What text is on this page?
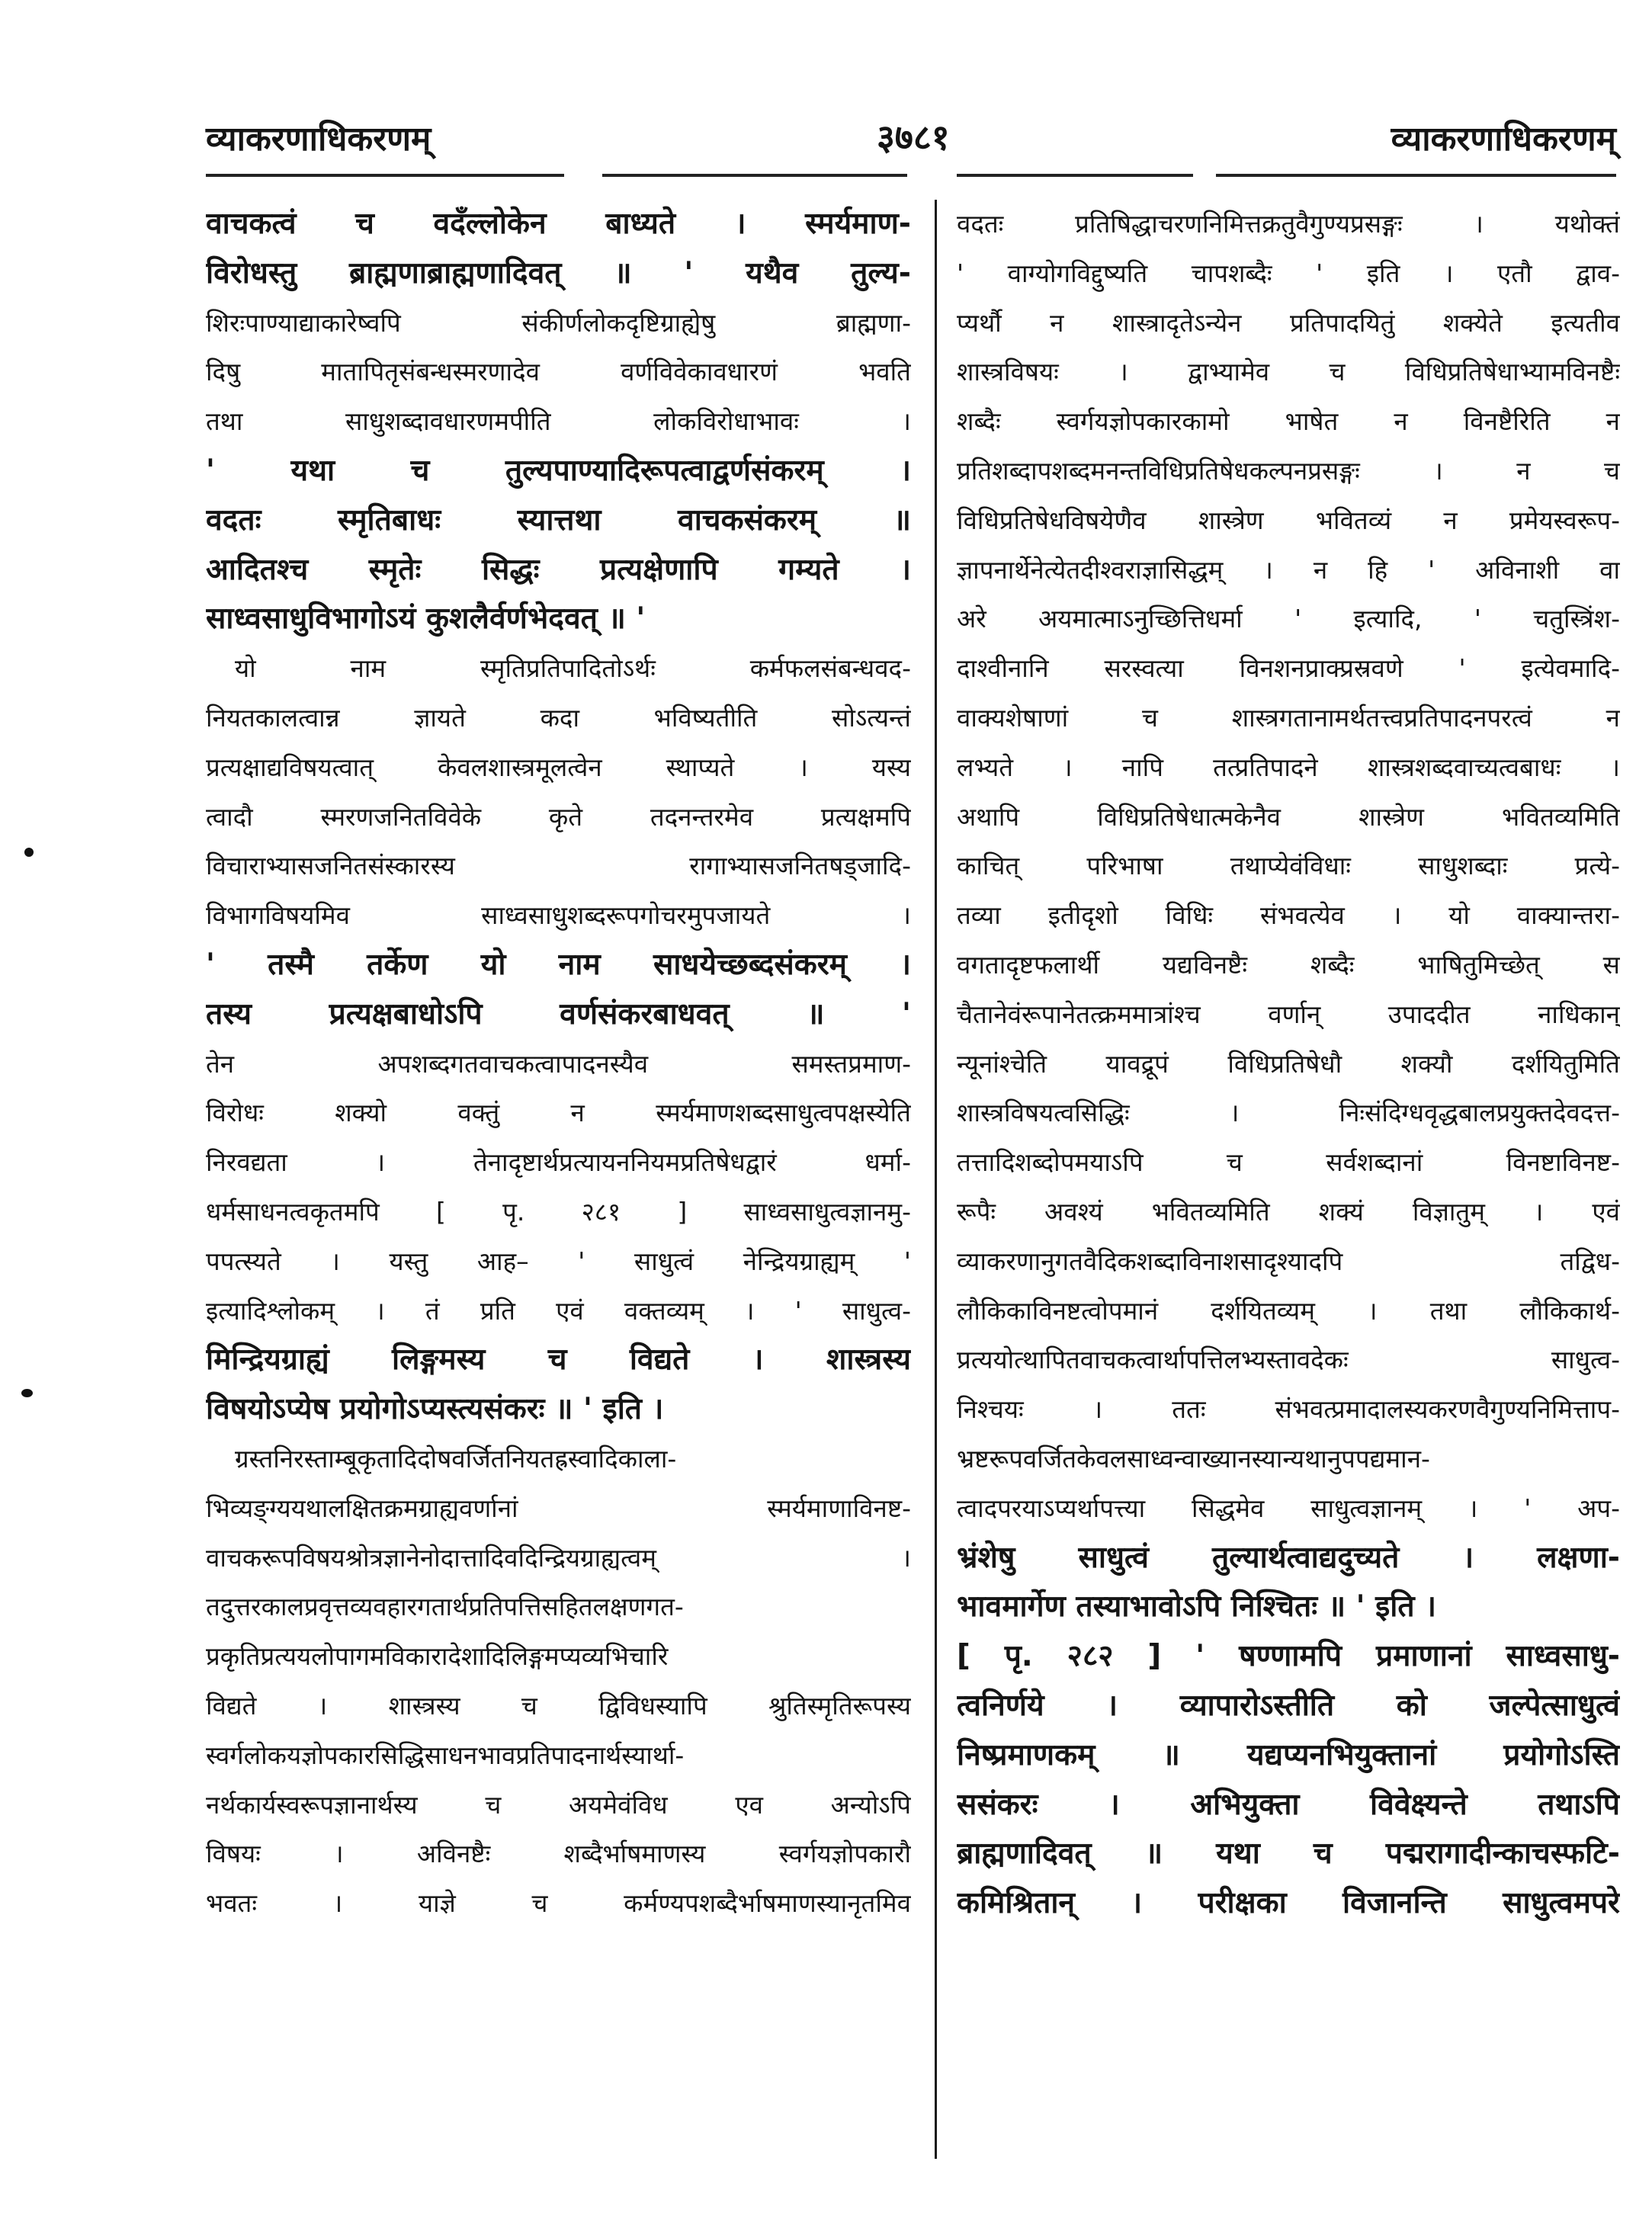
व्याकरणाधिकरणम्	३७८१	व्याकरणाधिकरणम्
वाचकत्वं च वदँल्लोकेन बाध्यते । स्मर्यमाण-
विरोधस्तु ब्राह्मणाब्राह्मणादिवत् ॥ ' यथैव तुल्य-
शिरःपाण्याद्याकारेष्वपि संकीर्णलोकदृष्टिग्राह्येषु ब्राह्मणा-
दिषु मातापितृसंबन्धस्मरणादेव वर्णविवेकावधारणं भवति
तथा साधुशब्दावधारणमपीति लोकविरोधाभावः ।
' यथा च तुल्यपाण्यादिरूपत्वाद्वर्णसंकरम् ।
वदतः स्मृतिबाधः स्यात्तथा वाचकसंकरम् ॥
आदितश्च स्मृतेः सिद्धः प्रत्यक्षेणापि गम्यते ।
साध्वसाधुविभागोऽयं कुशलैर्वर्णभेदवत् ॥ '
यो नाम स्मृतिप्रतिपादितोऽर्थः कर्मफलसंबन्धवद-
नियतकालत्वान्न ज्ञायते कदा भविष्यतीति सोऽत्यन्तं
प्रत्यक्षाद्यविषयत्वात् केवलशास्त्रमूलत्वेन स्थाप्यते । यस्य
त्वादौ स्मरणजनितविवेके कृते तदनन्तरमेव प्रत्यक्षमपि
विचाराभ्यासजनितसंस्कारस्य रागाभ्यासजनितषड्जादि-
विभागविषयमिव साध्वसाधुशब्दरूपगोचरमुपजायते ।
' तस्मै तर्केण यो नाम साधयेच्छब्दसंकरम् ।
तस्य प्रत्यक्षबाधोऽपि वर्णसंकरबाधवत् ॥ '
तेन अपशब्दगतवाचकत्वापादनस्यैव समस्तप्रमाण-
विरोधः शक्यो वक्तुं न स्मर्यमाणशब्दसाधुत्वपक्षस्येति
निरवद्यता । तेनादृष्टार्थप्रत्यायननियमप्रतिषेधद्वारं धर्मा-
धर्मसाधनत्वकृतमपि [ पृ. २८१ ] साध्वसाधुत्वज्ञानमु-
पपत्स्यते । यस्तु आह– ' साधुत्वं नेन्द्रियग्राह्यम् '
इत्यादिश्लोकम् । तं प्रति एवं वक्तव्यम् । ' साधुत्व-
मिन्द्रियग्राह्यं लिङ्गमस्य च विद्यते । शास्त्रस्य
विषयोऽप्येष प्रयोगोऽप्यस्त्यसंकरः ॥ ' इति ।
ग्रस्तनिरस्ताम्बूकृतादिदोषवर्जितनियतह्रस्वादिकाला-
भिव्यङ्ग्ययथालक्षितक्रमग्राह्यवर्णानां स्मर्यमाणाविनष्ट-
वाचकरूपविषयश्रोत्रज्ञानेनोदात्तादिवदिन्द्रियग्राह्यत्वम् ।
तदुत्तरकालप्रवृत्तव्यवहारगतार्थप्रतिपत्तिसहितलक्षणगत-
प्रकृतिप्रत्ययलोपागमविकारादेशादिलिङ्गमप्यव्यभिचारि
विद्यते । शास्त्रस्य च द्विविधस्यापि श्रुतिस्मृतिरूपस्य
स्वर्गलोकयज्ञोपकारसिद्धिसाधनभावप्रतिपादनार्थस्यार्था-
नर्थकार्यस्वरूपज्ञानार्थस्य च अयमेवंविध एव अन्योऽपि
विषयः । अविनष्टैः शब्दैर्भाषमाणस्य स्वर्गयज्ञोपकारौ
भवतः । याज्ञे च कर्मण्यपशब्दैर्भाषमाणस्यानृतमिव
वदतः प्रतिषिद्धाचरणनिमित्तक्रतुवैगुण्यप्रसङ्गः । यथोक्तं
' वाग्योगविद्दुष्यति चापशब्दैः ' इति । एतौ द्वाव-
प्यर्थौ न शास्त्रादृतेऽन्येन प्रतिपादयितुं शक्येते इत्यतीव
शास्त्रविषयः । द्वाभ्यामेव च विधिप्रतिषेधाभ्यामविनष्टैः
शब्दैः स्वर्गयज्ञोपकारकामो भाषेत न विनष्टैरिति न
प्रतिशब्दापशब्दमनन्तविधिप्रतिषेधकल्पनप्रसङ्गः । न च
विधिप्रतिषेधविषयेणैव शास्त्रेण भवितव्यं न प्रमेयस्वरूप-
ज्ञापनार्थेनेत्येतदीश्वराज्ञासिद्धम् । न हि ' अविनाशी वा
अरे अयमात्माऽनुच्छित्तिधर्मा ' इत्यादि, ' चतुस्त्रिंश-
दाश्वीनानि सरस्वत्या विनशनप्राक्प्रस्रवणे ' इत्येवमादि-
वाक्यशेषाणां च शास्त्रगतानामर्थतत्त्वप्रतिपादनपरत्वं न
लभ्यते । नापि तत्प्रतिपादने शास्त्रशब्दवाच्यत्वबाधः ।
अथापि विधिप्रतिषेधात्मकेनैव शास्त्रेण भवितव्यमिति
काचित् परिभाषा तथाप्येवंविधाः साधुशब्दाः प्रत्ये-
तव्या इतीदृशो विधिः संभवत्येव । यो वाक्यान्तरा-
वगतादृष्टफलार्थी यद्यविनष्टैः शब्दैः भाषितुमिच्छेत् स
चैतानेवंरूपानेतत्क्रममात्रांश्च वर्णान् उपाददीत नाधिकान्
न्यूनांश्चेति यावद्रूपं विधिप्रतिषेधौ शक्यौ दर्शयितुमिति
शास्त्रविषयत्वसिद्धिः । निःसंदिग्धवृद्धबालप्रयुक्तदेवदत्त-
तत्तादिशब्दोपमयाऽपि च सर्वशब्दानां विनष्टाविनष्ट-
रूपैः अवश्यं भवितव्यमिति शक्यं विज्ञातुम् । एवं
व्याकरणानुगतवैदिकशब्दाविनाशसादृश्यादपि तद्विध-
लौकिकाविनष्टत्वोपमानं दर्शयितव्यम् । तथा लौकिकार्थ-
प्रत्ययोत्थापितवाचकत्वार्थापत्तिलभ्यस्तावदेकः साधुत्व-
निश्चयः । ततः संभवत्प्रमादालस्यकरणवैगुण्यनिमित्ताप-
भ्रष्टरूपवर्जितकेवलसाध्वन्वाख्यानस्यान्यथानुपपद्यमान-
त्वादपरयाऽप्यर्थापत्त्या सिद्धमेव साधुत्वज्ञानम् । ' अप-
भ्रंशेषु साधुत्वं तुल्यार्थत्वाद्यदुच्यते । लक्षणा-
भावमार्गेण तस्याभावोऽपि निश्चितः ॥ ' इति ।
[ पृ. २८२ ] ' षण्णामपि प्रमाणानां साध्वसाधु-
त्वनिर्णये । व्यापारोऽस्तीति को जल्पेत्साधुत्वं
निष्प्रमाणकम् ॥ यद्यप्यनभियुक्तानां प्रयोगोऽस्ति
ससंकरः । अभियुक्ता विवेक्ष्यन्ते तथाऽपि
ब्राह्मणादिवत् ॥ यथा च पद्मरागादीन्काचस्फटि-
कमिश्रितान् । परीक्षका विजानन्ति साधुत्वमपरे
